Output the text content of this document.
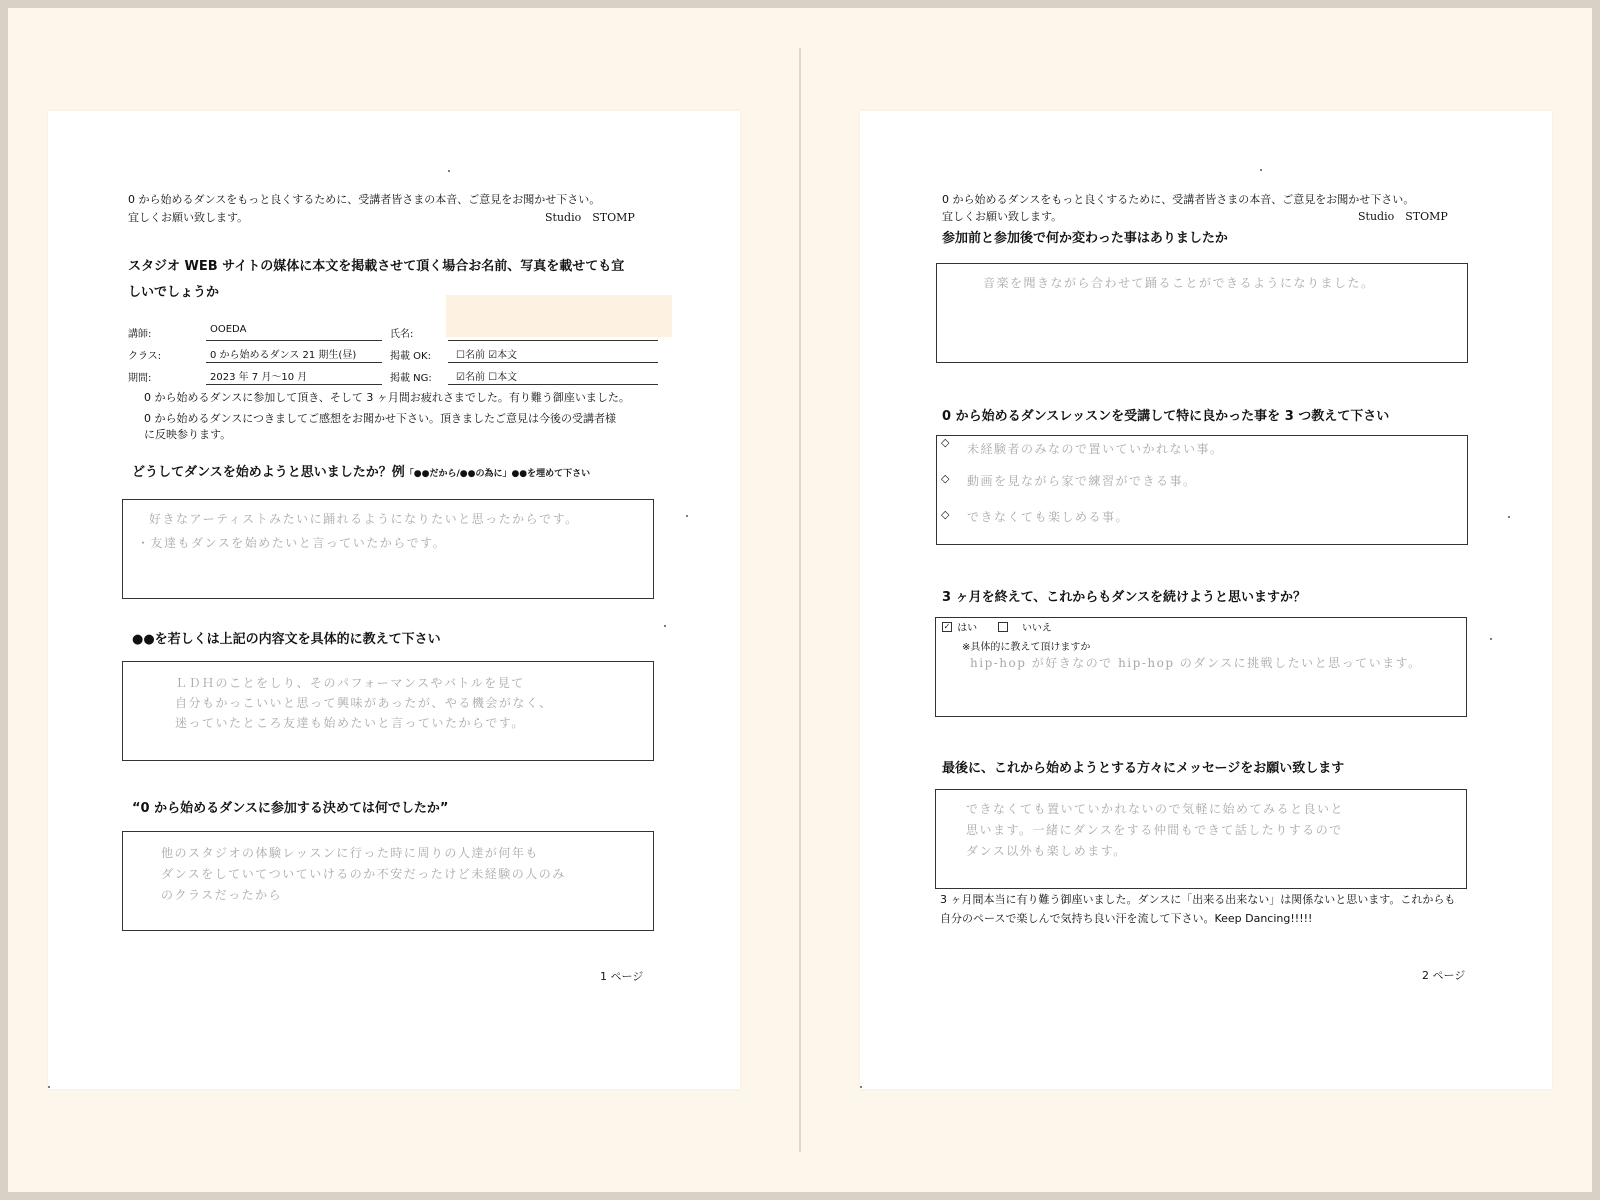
0 から始めるダンスをもっと良くするために、受講者皆さまの本音、ご意見をお聞かせ下さい。
宜しくお願い致します。	Studio　STOMP
スタジオ WEB サイトの媒体に本文を掲載させて頂く場合お名前、写真を載せても宜
しいでしょうか
講師:	OOEDA	氏名:
クラス:	0 から始めるダンス 21 期生(昼)	掲載 OK:	☐名前 ☑本文
期間:	2023 年 7 月〜10 月	掲載 NG: ☑名前 ☐本文
0 から始めるダンスに参加して頂き、そして 3 ヶ月間お疲れさまでした。有り難う御座いました。
0 から始めるダンスにつきましてご感想をお聞かせ下さい。頂きましたご意見は今後の受講者様
に反映参ります。
どうしてダンスを始めようと思いましたか？例「●●だから/●●の為に」●●を埋めて下さい
好きなアーティストみたいに踊れるようになりたいと思ったからです。
・友達もダンスを始めたいと言っていたからです。
●●を若しくは上記の内容文を具体的に教えて下さい
ＬＤＨのことをしり、そのパフォーマンスやバトルを見て
自分もかっこいいと思って興味があったが、やる機会がなく、
迷っていたところ友達も始めたいと言っていたからです。
“0 から始めるダンスに参加する決めては何でしたか”
他のスタジオの体験レッスンに行った時に周りの人達が何年も
ダンスをしていてついていけるのか不安だったけど未経験の人のみ
のクラスだったから
1 ページ
0 から始めるダンスをもっと良くするために、受講者皆さまの本音、ご意見をお聞かせ下さい。
宜しくお願い致します。	Studio　STOMP
参加前と参加後で何か変わった事はありましたか
音楽を聞きながら合わせて踊ることができるようになりました。
0 から始めるダンスレッスンを受講して特に良かった事を 3 つ教えて下さい
◇ 未経験者のみなので置いていかれない事。
◇ 動画を見ながら家で練習ができる事。
◇ できなくても楽しめる事。
3 ヶ月を終えて、これからもダンスを続けようと思いますか？
✓ はい	いいえ
※具体的に教えて頂けますか
hip-hop が好きなので hip-hop のダンスに挑戦したいと思っています。
最後に、これから始めようとする方々にメッセージをお願い致します
できなくても置いていかれないので気軽に始めてみると良いと
思います。一緒にダンスをする仲間もできて話したりするので
ダンス以外も楽しめます。
3 ヶ月間本当に有り難う御座いました。ダンスに「出来る出来ない」は関係ないと思います。これからも
自分のペースで楽しんで気持ち良い汗を流して下さい。Keep Dancing!!!!!
2 ページ
